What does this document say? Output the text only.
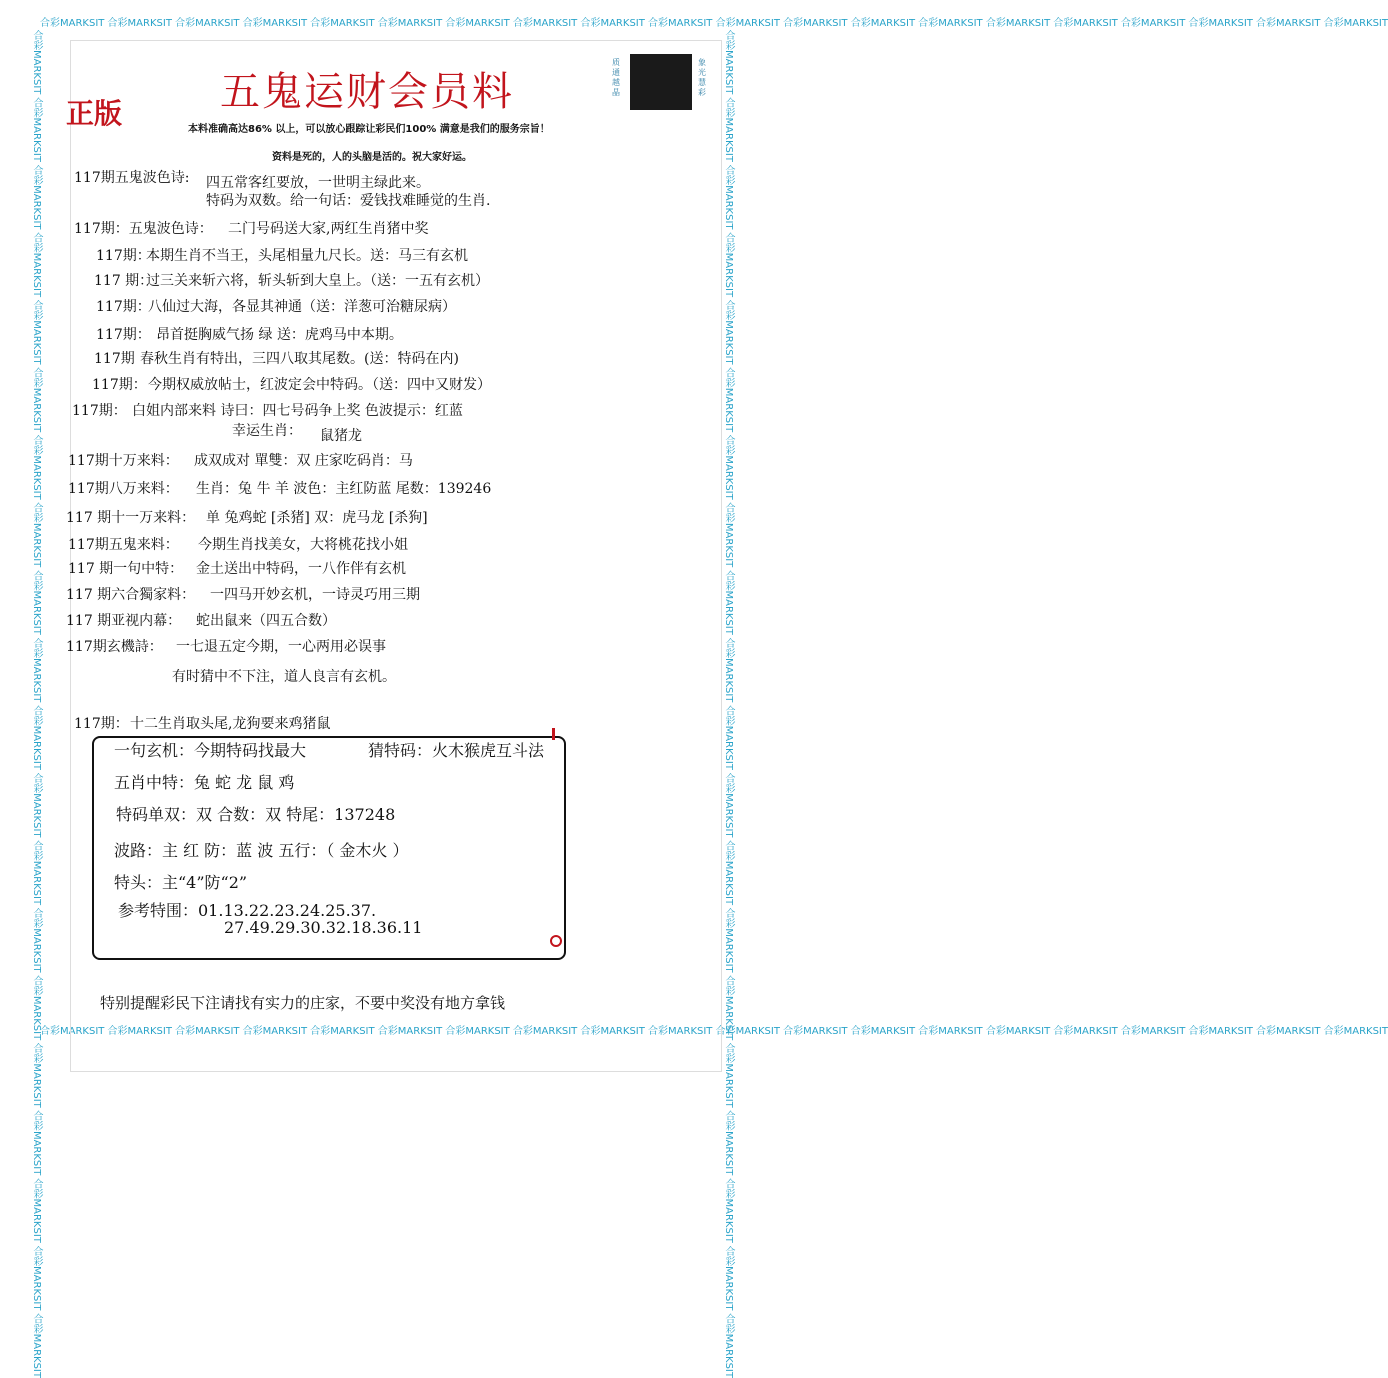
合彩MARKSIT 合彩MARKSIT 合彩MARKSIT 合彩MARKSIT 合彩MARKSIT 合彩MARKSIT 合彩MARKSIT 合彩MARKSIT 合彩MARKSIT 合彩MARKSIT 合彩MARKSIT 合彩MARKSIT 合彩MARKSIT 合彩MARKSIT 合彩MARKSIT 合彩MARKSIT 合彩MARKSIT 合彩MARKSIT 合彩MARKSIT 合彩MARKSIT
合彩MARKSIT 合彩MARKSIT 合彩MARKSIT 合彩MARKSIT 合彩MARKSIT 合彩MARKSIT 合彩MARKSIT 合彩MARKSIT 合彩MARKSIT 合彩MARKSIT 合彩MARKSIT 合彩MARKSIT 合彩MARKSIT 合彩MARKSIT 合彩MARKSIT 合彩MARKSIT 合彩MARKSIT 合彩MARKSIT 合彩MARKSIT 合彩MARKSIT
合彩MARKSIT 合彩MARKSIT 合彩MARKSIT 合彩MARKSIT 合彩MARKSIT 合彩MARKSIT 合彩MARKSIT 合彩MARKSIT 合彩MARKSIT 合彩MARKSIT 合彩MARKSIT 合彩MARKSIT 合彩MARKSIT 合彩MARKSIT 合彩MARKSIT 合彩MARKSIT 合彩MARKSIT 合彩MARKSIT 合彩MARKSIT 合彩MARKSIT	合彩MARKSIT 合彩MARKSIT 合彩MARKSIT 合彩MARKSIT 合彩MARKSIT 合彩MARKSIT 合彩MARKSIT 合彩MARKSIT 合彩MARKSIT 合彩MARKSIT 合彩MARKSIT 合彩MARKSIT 合彩MARKSIT 合彩MARKSIT 合彩MARKSIT 合彩MARKSIT 合彩MARKSIT 合彩MARKSIT 合彩MARKSIT 合彩MARKSIT
五鬼运财会员料
正版
质通越晶
象光慧彩
本料准确高达86% 以上，可以放心跟踪让彩民们100% 满意是我们的服务宗旨！
资料是死的，人的头脑是活的。祝大家好运。
117期五鬼波色诗: 四五常客红要放，一世明主绿此来。
特码为双数。给一句话：爱钱找难睡觉的生肖.
117期：五鬼波色诗： 二门号码送大家,两红生肖猪中奖
117期：
本期生肖不当王，头尾相量九尺长。送：马三有玄机
117 期：
过三关来斩六将，斩头斩到大皇上。（送：一五有玄机）
117期：
八仙过大海，各显其神通（送：洋葱可治糖尿病）
117期： 昂首挺胸威气扬 绿 送：虎鸡马中本期。
117期 春秋生肖有特出，三四八取其尾数。(送：特码在内)
117期： 今期权威放帖士，红波定会中特码。（送：四中又财发）
117期： 白姐内部来料 诗曰：四七号码争上奖 色波提示：红蓝
幸运生肖： 鼠猪龙
117期十万来料： 成双成对 單雙：双 庄家吃码肖：马
117期八万来料： 生肖：兔 牛 羊 波色：主红防蓝 尾数：139246
117 期十一万来料： 单 兔鸡蛇 [杀猪] 双：虎马龙 [杀狗]
117期五鬼来料： 今期生肖找美女，大将桃花找小姐
117 期一句中特： 金土送出中特码，一八作伴有玄机
117 期六合獨家料： 一四马开妙玄机，一诗灵巧用三期
117 期亚视内幕： 蛇出鼠来（四五合数）
117期玄機詩： 一七退五定今期，一心两用必误事
有时猜中不下注，道人良言有玄机。
117期： 十二生肖取头尾,龙狗要来鸡猪鼠
一句玄机：今期特码找最大	猜特码：火木猴虎互斗法
五肖中特：兔 蛇 龙 鼠 鸡
特码单双：双 合数：双 特尾：137248
波路：主 红 防：蓝 波 五行：（ 金木火 ）
特头：主“4”防“2”
参考特围：01.13.22.23.24.25.37.
27.49.29.30.32.18.36.11
特别提醒彩民下注请找有实力的庄家，不要中奖没有地方拿钱
